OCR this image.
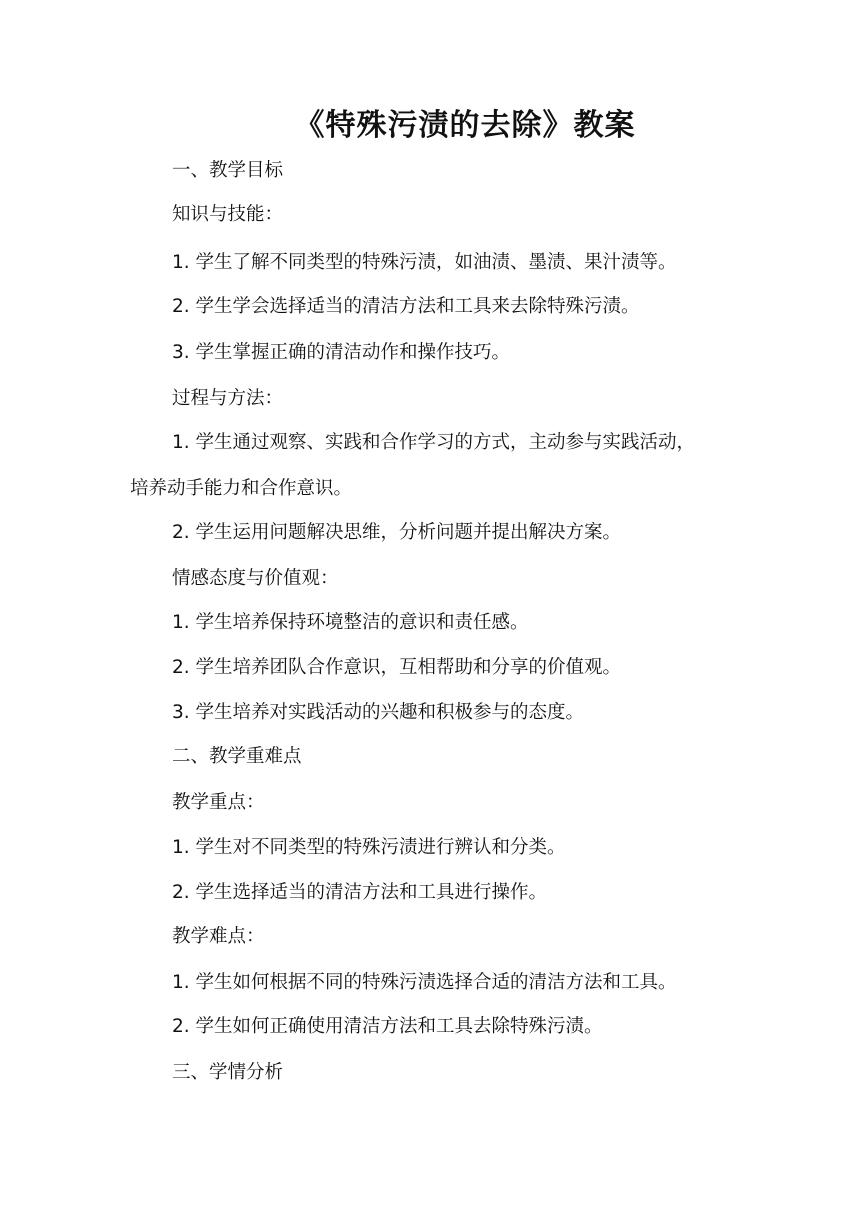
《特殊污渍的去除》教案
一、教学目标
知识与技能：
1. 学生了解不同类型的特殊污渍，如油渍、墨渍、果汁渍等。
2. 学生学会选择适当的清洁方法和工具来去除特殊污渍。
3. 学生掌握正确的清洁动作和操作技巧。
过程与方法：
1. 学生通过观察、实践和合作学习的方式，主动参与实践活动，
培养动手能力和合作意识。
2. 学生运用问题解决思维，分析问题并提出解决方案。
情感态度与价值观：
1. 学生培养保持环境整洁的意识和责任感。
2. 学生培养团队合作意识，互相帮助和分享的价值观。
3. 学生培养对实践活动的兴趣和积极参与的态度。
二、教学重难点
教学重点：
1. 学生对不同类型的特殊污渍进行辨认和分类。
2. 学生选择适当的清洁方法和工具进行操作。
教学难点：
1. 学生如何根据不同的特殊污渍选择合适的清洁方法和工具。
2. 学生如何正确使用清洁方法和工具去除特殊污渍。
三、学情分析
